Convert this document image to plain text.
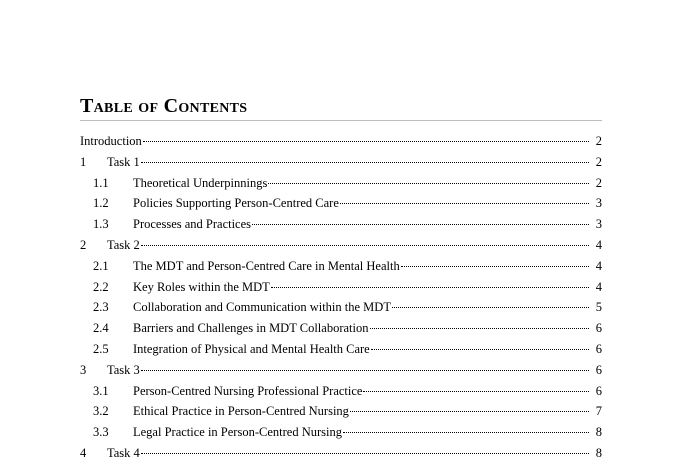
Table of Contents
Introduction	2
1	Task 1	2
1.1	Theoretical Underpinnings	2
1.2	Policies Supporting Person-Centred Care	3
1.3	Processes and Practices	3
2	Task 2	4
2.1	The MDT and Person-Centred Care in Mental Health	4
2.2	Key Roles within the MDT	4
2.3	Collaboration and Communication within the MDT	5
2.4	Barriers and Challenges in MDT Collaboration	6
2.5	Integration of Physical and Mental Health Care	6
3	Task 3	6
3.1	Person-Centred Nursing Professional Practice	6
3.2	Ethical Practice in Person-Centred Nursing	7
3.3	Legal Practice in Person-Centred Nursing	8
4	Task 4	8
